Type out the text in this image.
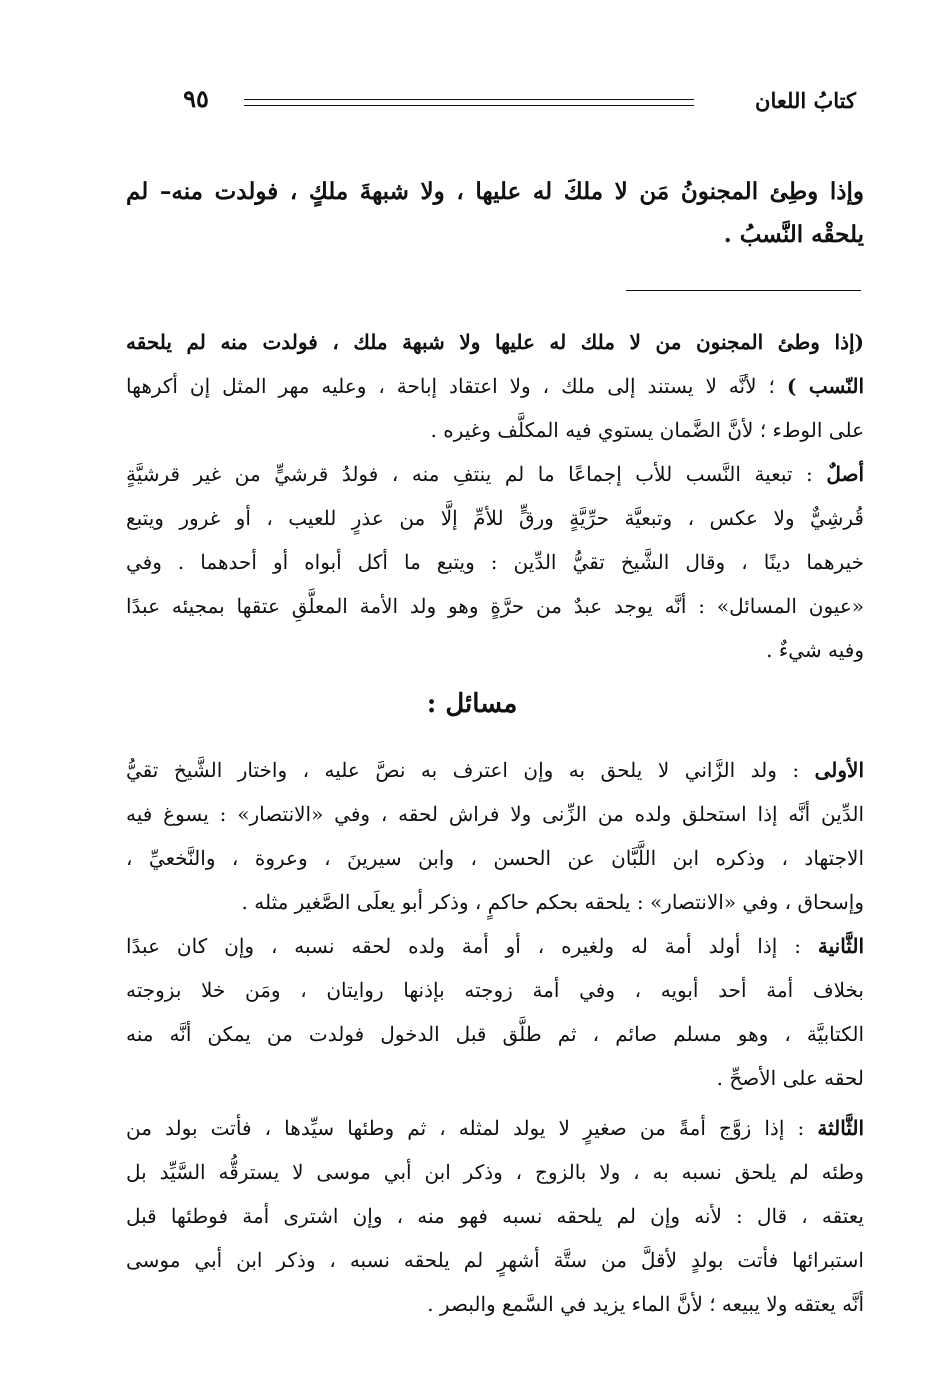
كتابُ اللعان
٩٥
وإذا وطِئ المجنونُ مَن لا ملكَ له عليها ، ولا شبهةَ ملكٍ ، فولدت منه– لم
يلحقْه النَّسبُ .
(إذا وطئ المجنون من لا ملك له عليها ولا شبهة ملك ، فولدت منه لم يلحقه
النّسب ) ؛ لأنَّه لا يستند إلى ملك ، ولا اعتقاد إباحة ، وعليه مهر المثل إن أكرهها
على الوطء ؛ لأنَّ الضَّمان يستوي فيه المكلَّف وغيره .
أصلٌ : تبعية النَّسب للأب إجماعًا ما لم ينتفِ منه ، فولدُ قرشيٍّ من غير قرشيَّةٍ
قُرشِيٌّ ولا عكس ، وتبعيَّة حرِّيَّةٍ ورقٍّ للأمِّ إلَّا من عذرٍ للعيب ، أو غرور ويتبع
خيرهما دينًا ، وقال الشَّيخ تقيُّ الدِّين : ويتبع ما أكل أبواه أو أحدهما . وفي
«عيون المسائل» : أنَّه يوجد عبدٌ من حرَّةٍ وهو ولد الأمة المعلَّقِ عتقها بمجيئه عبدًا
وفيه شيءٌ .
مسائل :
الأولى : ولد الزَّاني لا يلحق به وإن اعترف به نصَّ عليه ، واختار الشَّيخ تقيُّ
الدِّين أنَّه إذا استحلق ولده من الزِّنى ولا فراش لحقه ، وفي «الانتصار» : يسوغ فيه
الاجتهاد ، وذكره ابن اللَّبَّان عن الحسن ، وابن سيرينَ ، وعروة ، والنَّخعيِّ ،
وإسحاق ، وفي «الانتصار» : يلحقه بحكم حاكمٍ ، وذكر أبو يعلَى الصَّغير مثله .
الثَّانية : إذا أولد أمة له ولغيره ، أو أمة ولده لحقه نسبه ، وإن كان عبدًا
بخلاف أمة أحد أبويه ، وفي أمة زوجته بإذنها روايتان ، ومَن خلا بزوجته
الكتابيَّة ، وهو مسلم صائم ، ثم طلَّق قبل الدخول فولدت من يمكن أنَّه منه
لحقه على الأصحِّ .
الثَّالثة : إذا زوَّج أمةً من صغيرٍ لا يولد لمثله ، ثم وطئها سيِّدها ، فأتت بولد من
وطئه لم يلحق نسبه به ، ولا بالزوج ، وذكر ابن أبي موسى لا يسترقُّه السَّيِّد بل
يعتقه ، قال : لأنه وإن لم يلحقه نسبه فهو منه ، وإن اشترى أمة فوطئها قبل
استبرائها فأتت بولدٍ لأقلَّ من ستَّة أشهرٍ لم يلحقه نسبه ، وذكر ابن أبي موسى
أنَّه يعتقه ولا يبيعه ؛ لأنَّ الماء يزيد في السَّمع والبصر .
